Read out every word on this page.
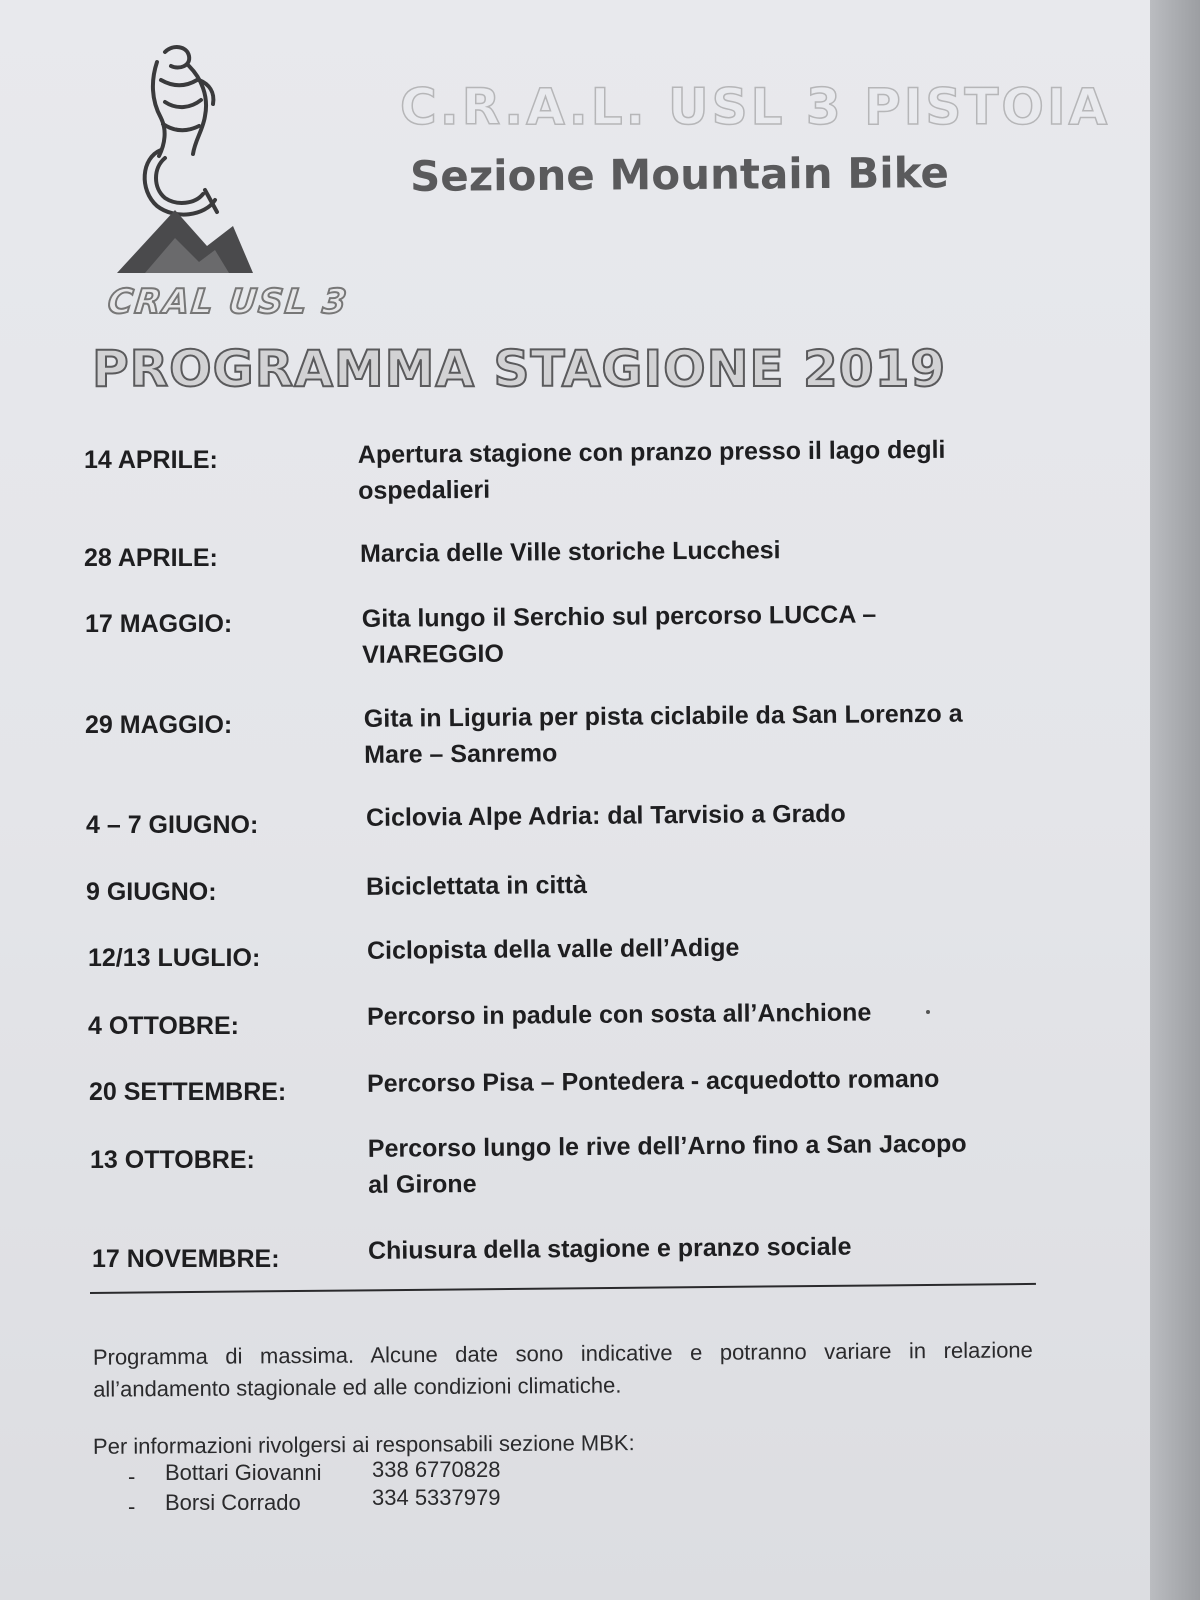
CRAL USL 3
C.R.A.L. USL 3 PISTOIA
Sezione Mountain Bike
PROGRAMMA STAGIONE 2019
14 APRILE:	Apertura stagione con pranzo presso il lago degli
ospedalieri
28 APRILE:	Marcia delle Ville storiche Lucchesi
17 MAGGIO:	Gita lungo il Serchio sul percorso LUCCA –
VIAREGGIO
29 MAGGIO:	Gita in Liguria per pista ciclabile da San Lorenzo a
Mare – Sanremo
4 – 7 GIUGNO:	Ciclovia Alpe Adria: dal Tarvisio a Grado
9 GIUGNO:	Biciclettata in città
12/13 LUGLIO:	Ciclopista della valle dell’Adige
4 OTTOBRE:	Percorso in padule con sosta all’Anchione
20 SETTEMBRE:	Percorso Pisa – Pontedera - acquedotto romano
13 OTTOBRE:	Percorso lungo le rive dell’Arno fino a San Jacopo
al Girone
17 NOVEMBRE:	Chiusura della stagione e pranzo sociale
Programma di massima. Alcune date sono indicative e potranno variare in relazione all’andamento stagionale ed alle condizioni climatiche.
Per informazioni rivolgersi ai responsabili sezione MBK:
- Bottari Giovanni 338 6770828
- Borsi Corrado	334 5337979
